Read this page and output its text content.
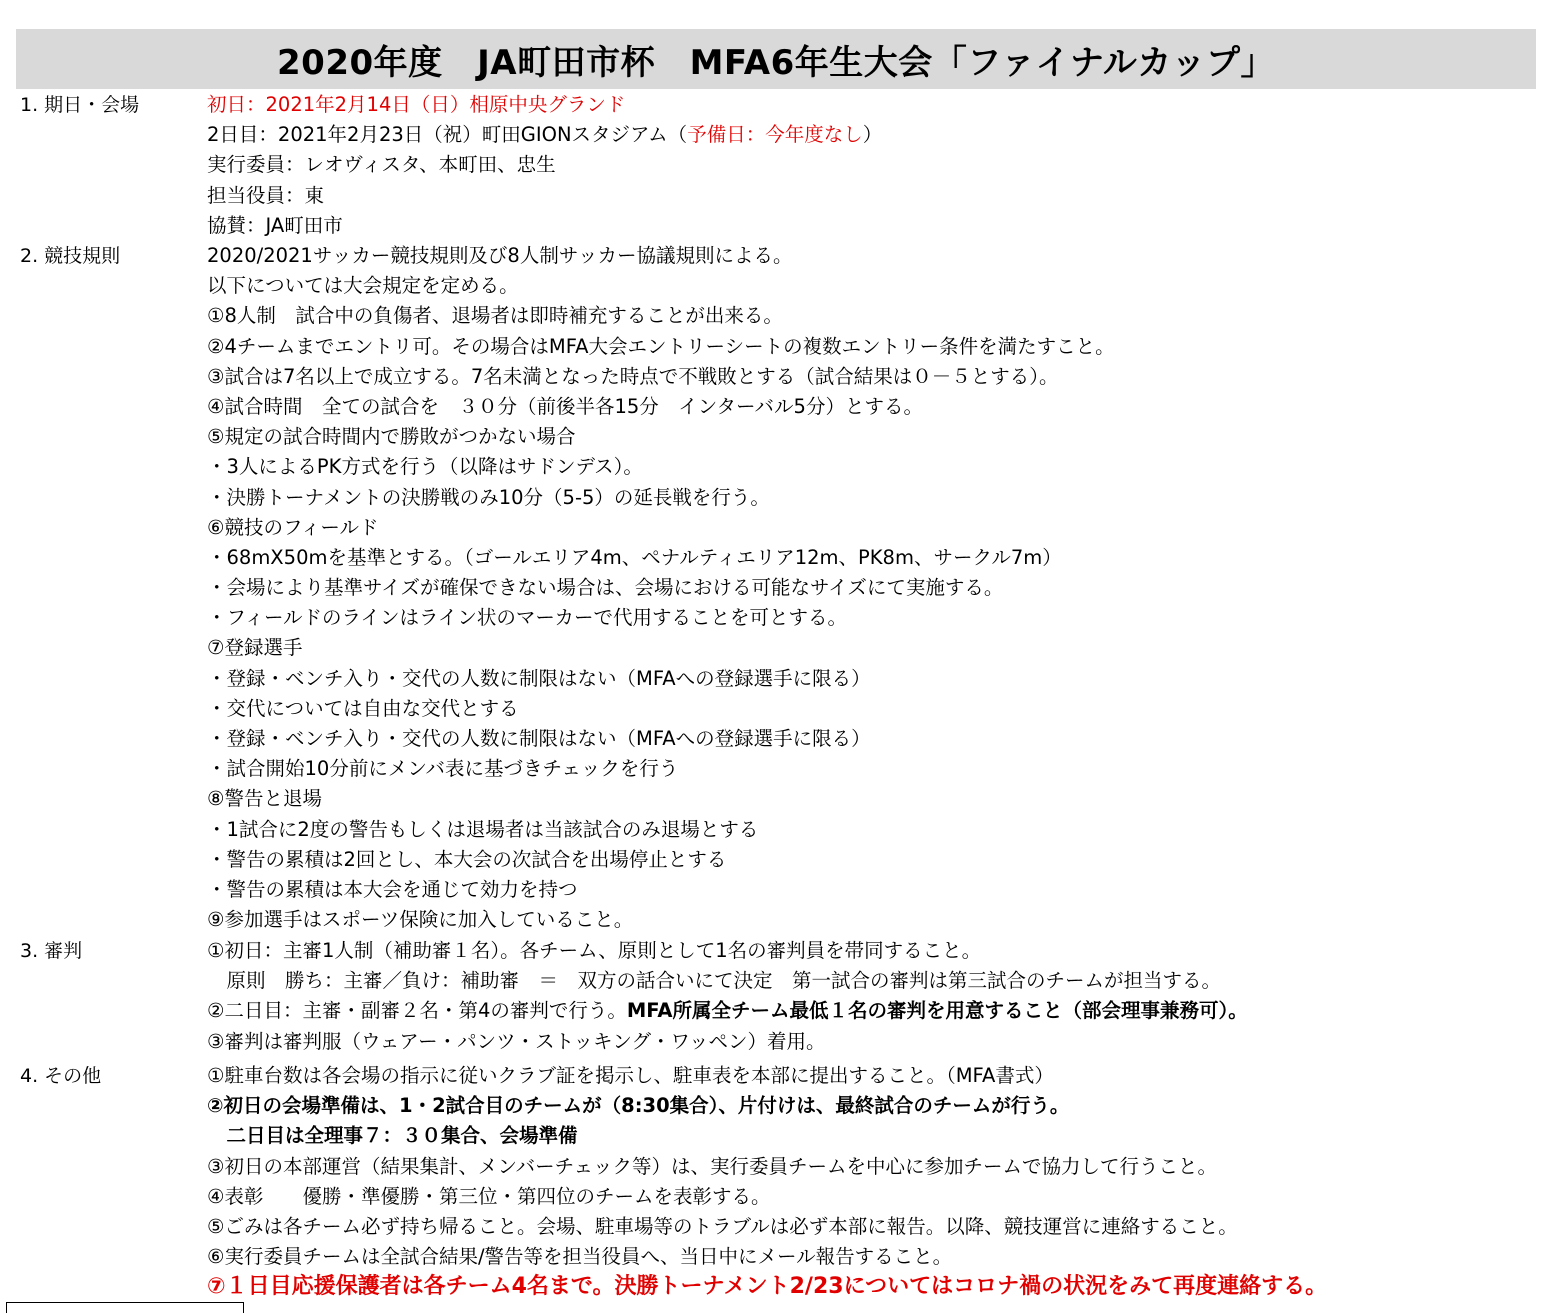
2020年度　JA町田市杯　MFA6年生大会「ファイナルカップ」
1. 期日・会場	初日：2021年2月14日（日）相原中央グランド
2日目：2021年2月23日（祝）町田GIONスタジアム（予備日：今年度なし）
実行委員：レオヴィスタ、本町田、忠生
担当役員：東
協賛：JA町田市
2. 競技規則	2020/2021サッカー競技規則及び8人制サッカー協議規則による。
以下については大会規定を定める。
①8人制　試合中の負傷者、退場者は即時補充することが出来る。
②4チームまでエントリ可。その場合はMFA大会エントリーシートの複数エントリー条件を満たすこと。
③試合は7名以上で成立する。7名未満となった時点で不戦敗とする（試合結果は０－５とする）。
④試合時間　全ての試合を　３０分（前後半各15分　インターバル5分）とする。
⑤規定の試合時間内で勝敗がつかない場合
・3人によるPK方式を行う（以降はサドンデス）。
・決勝トーナメントの決勝戦のみ10分（5-5）の延長戦を行う。
⑥競技のフィールド
・68mX50mを基準とする。（ゴールエリア4m、ペナルティエリア12m、PK8m、サークル7m）
・会場により基準サイズが確保できない場合は、会場における可能なサイズにて実施する。
・フィールドのラインはライン状のマーカーで代用することを可とする。
⑦登録選手
・登録・ベンチ入り・交代の人数に制限はない（MFAへの登録選手に限る）
・交代については自由な交代とする
・登録・ベンチ入り・交代の人数に制限はない（MFAへの登録選手に限る）
・試合開始10分前にメンバ表に基づきチェックを行う
⑧警告と退場
・1試合に2度の警告もしくは退場者は当該試合のみ退場とする
・警告の累積は2回とし、本大会の次試合を出場停止とする
・警告の累積は本大会を通じて効力を持つ
⑨参加選手はスポーツ保険に加入していること。
3. 審判	①初日：主審1人制（補助審１名）。各チーム、原則として1名の審判員を帯同すること。
　原則　勝ち：主審／負け：補助審　＝　双方の話合いにて決定　第一試合の審判は第三試合のチームが担当する。
②二日目：主審・副審２名・第4の審判で行う。MFA所属全チーム最低１名の審判を用意すること（部会理事兼務可）。
③審判は審判服（ウェアー・パンツ・ストッキング・ワッペン）着用。
4. その他	①駐車台数は各会場の指示に従いクラブ証を掲示し、駐車表を本部に提出すること。（MFA書式）
②初日の会場準備は、1・2試合目のチームが（8:30集合）、片付けは、最終試合のチームが行う。
　二日目は全理事７：３０集合、会場準備
③初日の本部運営（結果集計、メンバーチェック等）は、実行委員チームを中心に参加チームで協力して行うこと。
④表彰　　優勝・準優勝・第三位・第四位のチームを表彰する。
⑤ごみは各チーム必ず持ち帰ること。会場、駐車場等のトラブルは必ず本部に報告。以降、競技運営に連絡すること。
⑥実行委員チームは全試合結果/警告等を担当役員へ、当日中にメール報告すること。
⑦１日目応援保護者は各チーム4名まで。決勝トーナメント2/23についてはコロナ禍の状況をみて再度連絡する。
